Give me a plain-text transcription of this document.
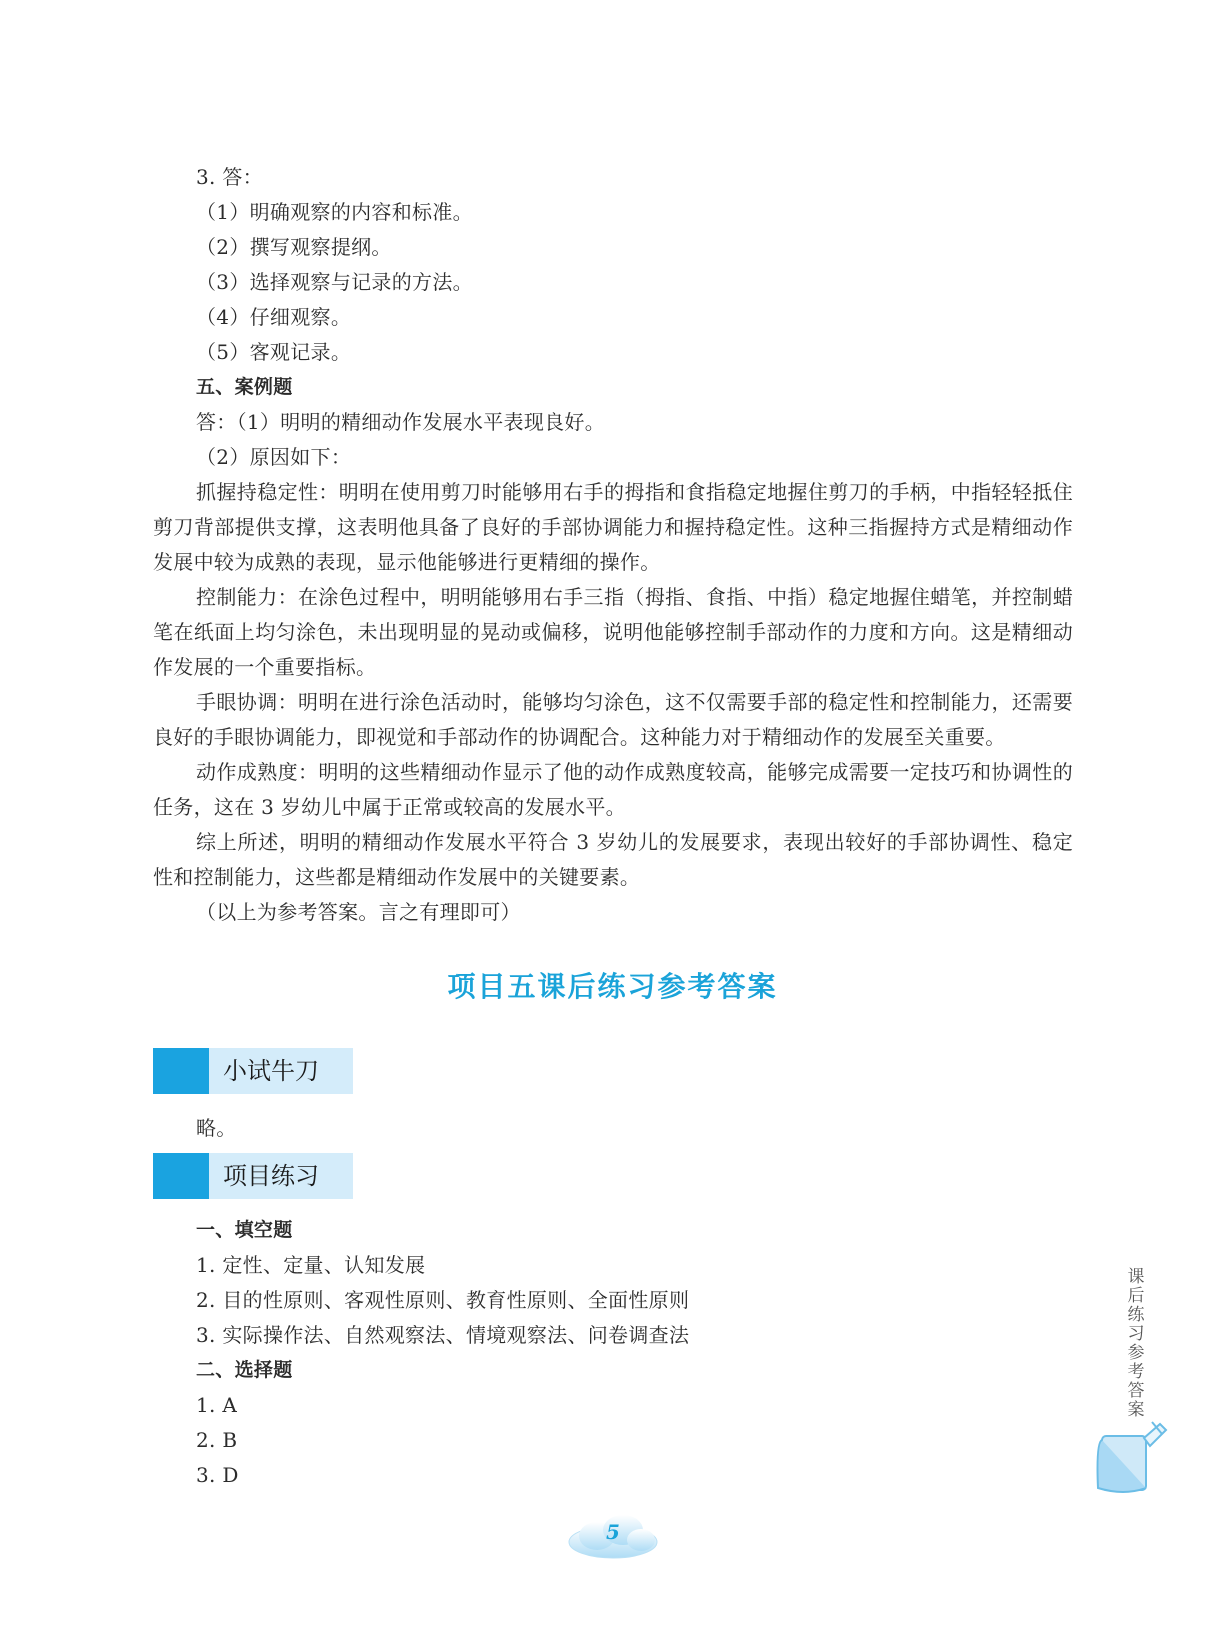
3. 答：
（1）明确观察的内容和标准。
（2）撰写观察提纲。
（3）选择观察与记录的方法。
（4）仔细观察。
（5）客观记录。
五、案例题
答：（1）明明的精细动作发展水平表现良好。
（2）原因如下：
抓握持稳定性：明明在使用剪刀时能够用右手的拇指和食指稳定地握住剪刀的手柄，中指轻轻抵住剪刀背部提供支撑，这表明他具备了良好的手部协调能力和握持稳定性。这种三指握持方式是精细动作发展中较为成熟的表现，显示他能够进行更精细的操作。
控制能力：在涂色过程中，明明能够用右手三指（拇指、食指、中指）稳定地握住蜡笔，并控制蜡笔在纸面上均匀涂色，未出现明显的晃动或偏移，说明他能够控制手部动作的力度和方向。这是精细动作发展的一个重要指标。
手眼协调：明明在进行涂色活动时，能够均匀涂色，这不仅需要手部的稳定性和控制能力，还需要良好的手眼协调能力，即视觉和手部动作的协调配合。这种能力对于精细动作的发展至关重要。
动作成熟度：明明的这些精细动作显示了他的动作成熟度较高，能够完成需要一定技巧和协调性的任务，这在 3 岁幼儿中属于正常或较高的发展水平。
综上所述，明明的精细动作发展水平符合 3 岁幼儿的发展要求，表现出较好的手部协调性、稳定性和控制能力，这些都是精细动作发展中的关键要素。
（以上为参考答案。言之有理即可）
项目五课后练习参考答案
小试牛刀
略。
项目练习
一、填空题
1. 定性、定量、认知发展
2. 目的性原则、客观性原则、教育性原则、全面性原则
3. 实际操作法、自然观察法、情境观察法、问卷调查法
二、选择题
1. A
2. B
3. D
课后练习参考答案
5
